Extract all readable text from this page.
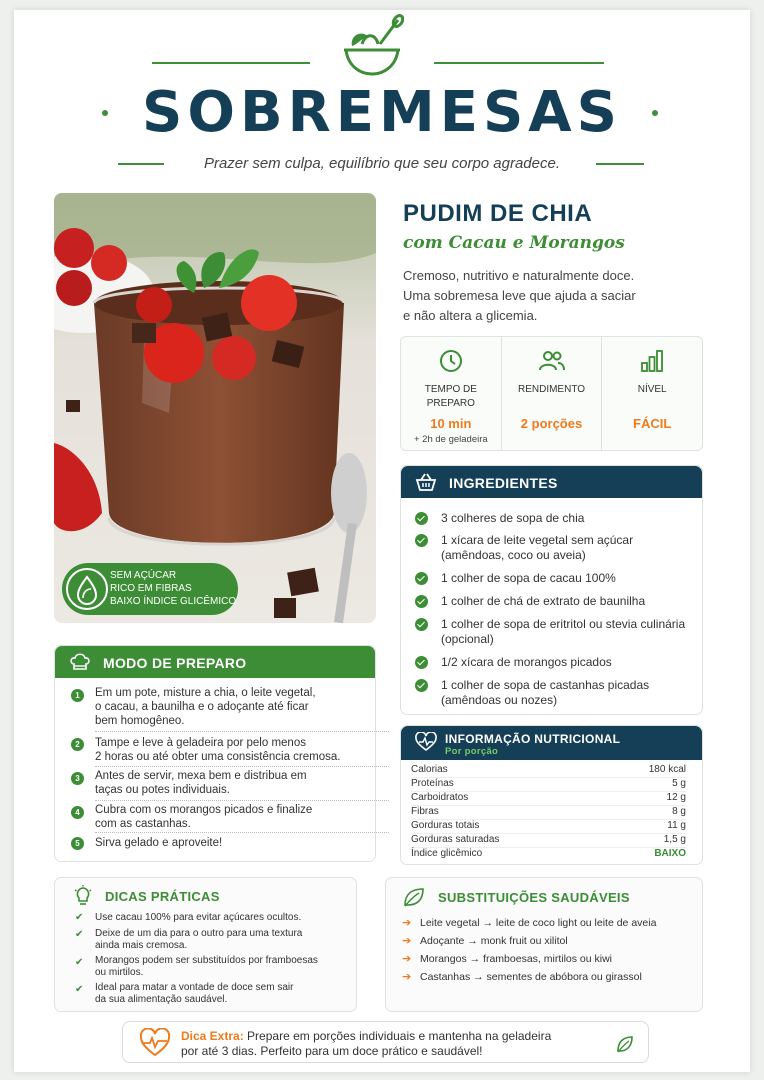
SOBREMESAS
Prazer sem culpa, equilíbrio que seu corpo agradece.
SEM AÇÚCAR
RICO EM FIBRAS
BAIXO ÍNDICE GLICÊMICO
PUDIM DE CHIA
com Cacau e Morangos
Cremoso, nutritivo e naturalmente doce.
Uma sobremesa leve que ajuda a saciar
e não altera a glicemia.
TEMPO DE
PREPARO
10 min
+ 2h de geladeira
RENDIMENTO
2 porções
NÍVEL
FÁCIL
INGREDIENTES
3 colheres de sopa de chia
1 xícara de leite vegetal sem açúcar
(amêndoas, coco ou aveia)
1 colher de sopa de cacau 100%
1 colher de chá de extrato de baunilha
1 colher de sopa de eritritol ou stevia culinária
(opcional)
1/2 xícara de morangos picados
1 colher de sopa de castanhas picadas
(amêndoas ou nozes)
INFORMAÇÃO NUTRICIONAL
Por porção
Calorias	180 kcal
Proteínas	5 g
Carboidratos	12 g
Fibras	8 g
Gorduras totais	11 g
Gorduras saturadas	1,5 g
Índice glicêmico	BAIXO
MODO DE PREPARO
1	Em um pote, misture a chia, o leite vegetal,
o cacau, a baunilha e o adoçante até ficar
bem homogêneo.
2	Tampe e leve à geladeira por pelo menos
2 horas ou até obter uma consistência cremosa.
3	Antes de servir, mexa bem e distribua em
taças ou potes individuais.
4	Cubra com os morangos picados e finalize
com as castanhas.
5	Sirva gelado e aproveite!
DICAS PRÁTICAS
✔ Use cacau 100% para evitar açúcares ocultos.
✔ Deixe de um dia para o outro para uma textura
ainda mais cremosa.
✔ Morangos podem ser substituídos por framboesas
ou mirtilos.
✔ Ideal para matar a vontade de doce sem sair
da sua alimentação saudável.
SUBSTITUIÇÕES SAUDÁVEIS
➔ Leite vegetal → leite de coco light ou leite de aveia
➔ Adoçante → monk fruit ou xilitol
➔ Morangos → framboesas, mirtilos ou kiwi
➔ Castanhas → sementes de abóbora ou girassol
Dica Extra: Prepare em porções individuais e mantenha na geladeira
por até 3 dias. Perfeito para um doce prático e saudável!
